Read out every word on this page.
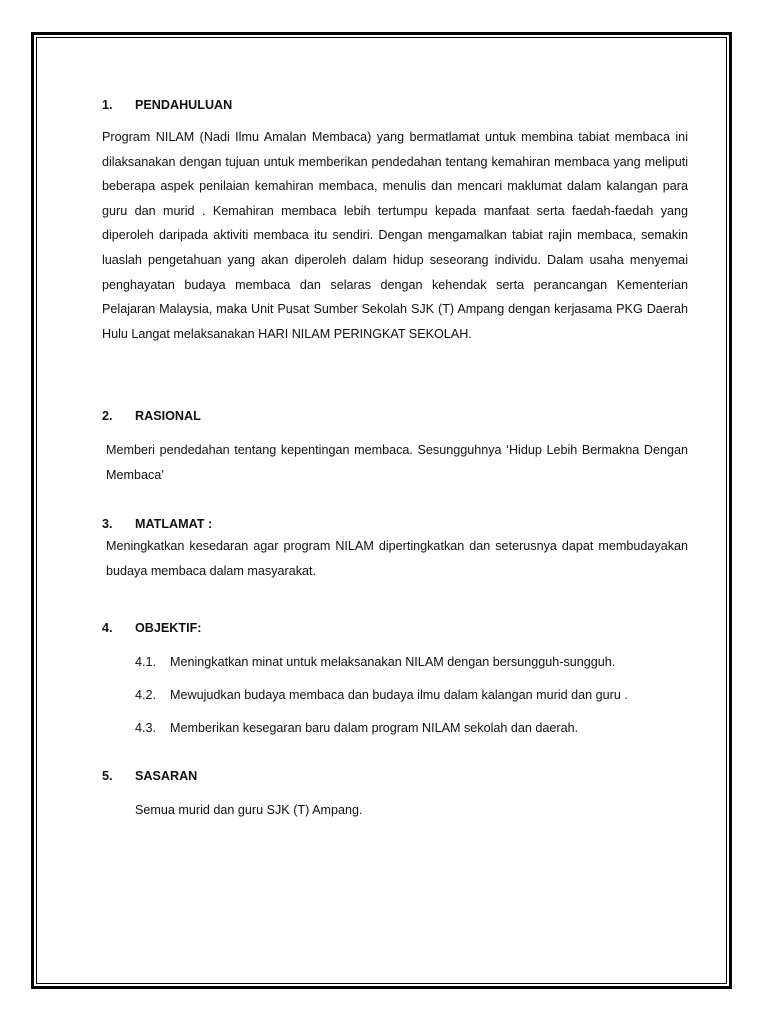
1. PENDAHULUAN
Program NILAM (Nadi Ilmu Amalan Membaca) yang bermatlamat untuk membina tabiat membaca ini dilaksanakan dengan tujuan untuk memberikan pendedahan tentang kemahiran membaca yang meliputi beberapa aspek penilaian kemahiran membaca, menulis dan mencari maklumat dalam kalangan para guru dan murid . Kemahiran membaca lebih tertumpu kepada manfaat serta faedah-faedah yang diperoleh daripada aktiviti membaca itu sendiri. Dengan mengamalkan tabiat rajin membaca, semakin luaslah pengetahuan yang akan diperoleh dalam hidup seseorang individu. Dalam usaha menyemai penghayatan budaya membaca dan selaras dengan kehendak serta perancangan Kementerian Pelajaran Malaysia, maka Unit Pusat Sumber Sekolah SJK (T) Ampang dengan kerjasama PKG Daerah Hulu Langat melaksanakan HARI NILAM PERINGKAT SEKOLAH.
2. RASIONAL
Memberi pendedahan tentang kepentingan membaca. Sesungguhnya ‘Hidup Lebih Bermakna Dengan Membaca’
3. MATLAMAT :
Meningkatkan kesedaran agar program NILAM dipertingkatkan dan seterusnya dapat membudayakan budaya membaca dalam masyarakat.
4. OBJEKTIF:
4.1. Meningkatkan minat untuk melaksanakan NILAM dengan bersungguh-sungguh.
4.2. Mewujudkan budaya membaca dan budaya ilmu dalam kalangan murid dan guru .
4.3. Memberikan kesegaran baru dalam program NILAM sekolah dan daerah.
5. SASARAN
Semua murid dan guru SJK (T) Ampang.
